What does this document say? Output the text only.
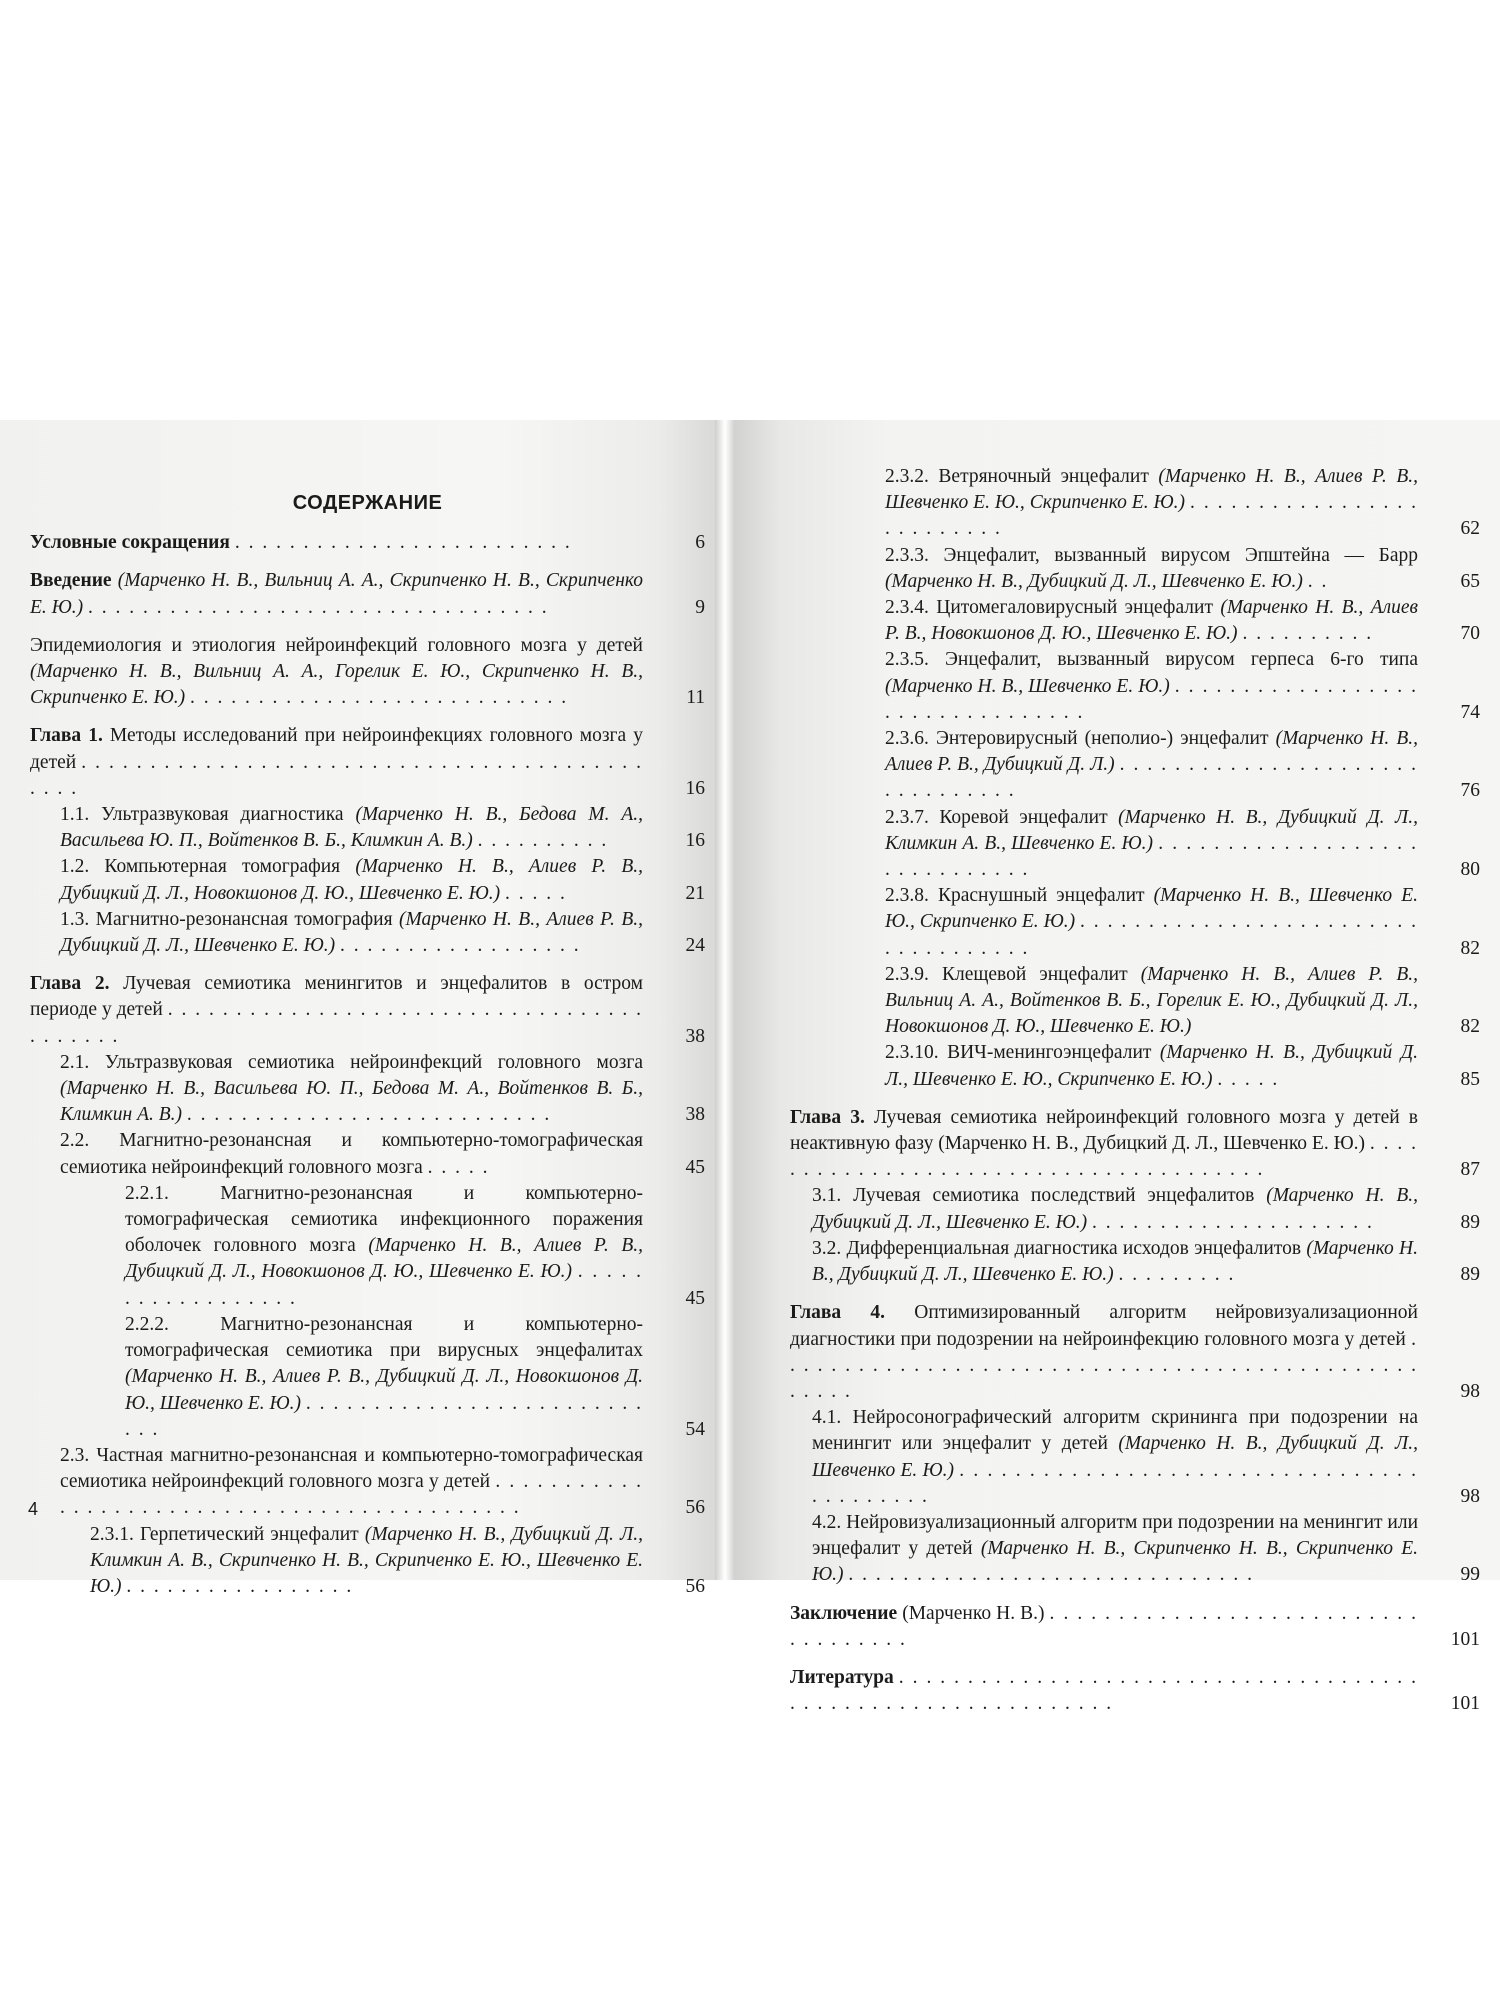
СОДЕРЖАНИЕ
Условные сокращения . . . . . . . . . . . . . . . . . . . . . . . . .	6
Введение (Марченко Н. В., Вильниц А. А., Скрипченко Н. В., Скрипченко Е. Ю.) . . . . . . . . . . . . . . . . . . . . . . . . . . . . . . . . . .	9
Эпидемиология и этиология нейроинфекций головного мозга у детей (Марченко Н. В., Вильниц А. А., Горелик Е. Ю., Скрипченко Н. В., Скрипченко Е. Ю.) . . . . . . . . . . . . . . . . . . . . . . . . . . . .	11
Глава 1. Методы исследований при нейроинфекциях головного мозга у детей . . . . . . . . . . . . . . . . . . . . . . . . . . . . . . . . . . . . . . . . . . . . .	16
1.1. Ультразвуковая диагностика (Марченко Н. В., Бедова М. А., Васильева Ю. П., Войтенков В. Б., Климкин А. В.) . . . . . . . . . .	16
1.2. Компьютерная томография (Марченко Н. В., Алиев Р. В., Дубицкий Д. Л., Новокшонов Д. Ю., Шевченко Е. Ю.) . . . . .	21
1.3. Магнитно-резонансная томография (Марченко Н. В., Алиев Р. В., Дубицкий Д. Л., Шевченко Е. Ю.) . . . . . . . . . . . . . . . . . .	24
Глава 2. Лучевая семиотика менингитов и энцефалитов в остром периоде у детей . . . . . . . . . . . . . . . . . . . . . . . . . . . . . . . . . . . . . . . . . .	38
2.1. Ультразвуковая семиотика нейроинфекций головного мозга (Марченко Н. В., Васильева Ю. П., Бедова М. А., Войтенков В. Б., Климкин А. В.) . . . . . . . . . . . . . . . . . . . . . . . . . . .	38
2.2. Магнитно-резонансная и компьютерно-томографическая семиотика нейроинфекций головного мозга . . . . .	45
2.2.1. Магнитно-резонансная и компьютерно-томографическая семиотика инфекционного поражения оболочек головного мозга (Марченко Н. В., Алиев Р. В., Дубицкий Д. Л., Новокшонов Д. Ю., Шевченко Е. Ю.) . . . . . . . . . . . . . . . . . .	45
2.2.2. Магнитно-резонансная и компьютерно-томографическая семиотика при вирусных энцефалитах (Марченко Н. В., Алиев Р. В., Дубицкий Д. Л., Новокшонов Д. Ю., Шевченко Е. Ю.) . . . . . . . . . . . . . . . . . . . . . . . . . . . .	54
2.3. Частная магнитно-резонансная и компьютерно-томографическая семиотика нейроинфекций головного мозга у детей . . . . . . . . . . . . . . . . . . . . . . . . . . . . . . . . . . . . . . . . . . . . .	56
2.3.1. Герпетический энцефалит (Марченко Н. В., Дубицкий Д. Л., Климкин А. В., Скрипченко Н. В., Скрипченко Е. Ю., Шевченко Е. Ю.) . . . . . . . . . . . . . . . . .	56
4
2.3.2. Ветряночный энцефалит (Марченко Н. В., Алиев Р. В., Шевченко Е. Ю., Скрипченко Е. Ю.) . . . . . . . . . . . . . . . . . . . . . . . . . .	62
2.3.3. Энцефалит, вызванный вирусом Эпштейна — Барр (Марченко Н. В., Дубицкий Д. Л., Шевченко Е. Ю.) . .	65
2.3.4. Цитомегаловирусный энцефалит (Марченко Н. В., Алиев Р. В., Новокшонов Д. Ю., Шевченко Е. Ю.) . . . . . . . . . .	70
2.3.5. Энцефалит, вызванный вирусом герпеса 6-го типа (Марченко Н. В., Шевченко Е. Ю.) . . . . . . . . . . . . . . . . . . . . . . . . . . . . . . . . .	74
2.3.6. Энтеровирусный (неполио-) энцефалит (Марченко Н. В., Алиев Р. В., Дубицкий Д. Л.) . . . . . . . . . . . . . . . . . . . . . . . . . . . . . . . .	76
2.3.7. Коревой энцефалит (Марченко Н. В., Дубицкий Д. Л., Климкин А. В., Шевченко Е. Ю.) . . . . . . . . . . . . . . . . . . . . . . . . . . . . . .	80
2.3.8. Краснушный энцефалит (Марченко Н. В., Шевченко Е. Ю., Скрипченко Е. Ю.) . . . . . . . . . . . . . . . . . . . . . . . . . . . . . . . . . . . .	82
2.3.9. Клещевой энцефалит (Марченко Н. В., Алиев Р. В., Вильниц А. А., Войтенков В. Б., Горелик Е. Ю., Дубицкий Д. Л., Новокшонов Д. Ю., Шевченко Е. Ю.)	82
2.3.10. ВИЧ-менингоэнцефалит (Марченко Н. В., Дубицкий Д. Л., Шевченко Е. Ю., Скрипченко Е. Ю.) . . . . .	85
Глава 3. Лучевая семиотика нейроинфекций головного мозга у детей в неактивную фазу (Марченко Н. В., Дубицкий Д. Л., Шевченко Е. Ю.) . . . . . . . . . . . . . . . . . . . . . . . . . . . . . . . . . . . . . . .	87
3.1. Лучевая семиотика последствий энцефалитов (Марченко Н. В., Дубицкий Д. Л., Шевченко Е. Ю.) . . . . . . . . . . . . . . . . . . . . .	89
3.2. Дифференциальная диагностика исходов энцефалитов (Марченко Н. В., Дубицкий Д. Л., Шевченко Е. Ю.) . . . . . . . . .	89
Глава 4. Оптимизированный алгоритм нейровизуализационной диагностики при подозрении на нейроинфекцию головного мозга у детей . . . . . . . . . . . . . . . . . . . . . . . . . . . . . . . . . . . . . . . . . . . . . . . . . . . .	98
4.1. Нейросонографический алгоритм скрининга при подозрении на менингит или энцефалит у детей (Марченко Н. В., Дубицкий Д. Л., Шевченко Е. Ю.) . . . . . . . . . . . . . . . . . . . . . . . . . . . . . . . . . . . . . . . . . .	98
4.2. Нейровизуализационный алгоритм при подозрении на менингит или энцефалит у детей (Марченко Н. В., Скрипченко Н. В., Скрипченко Е. Ю.) . . . . . . . . . . . . . . . . . . . . . . . . . . . . . .	99
Заключение (Марченко Н. В.) . . . . . . . . . . . . . . . . . . . . . . . . . . . . . . . . . . . .	101
Литература . . . . . . . . . . . . . . . . . . . . . . . . . . . . . . . . . . . . . . . . . . . . . . . . . . . . . . . . . . . . . .	101
